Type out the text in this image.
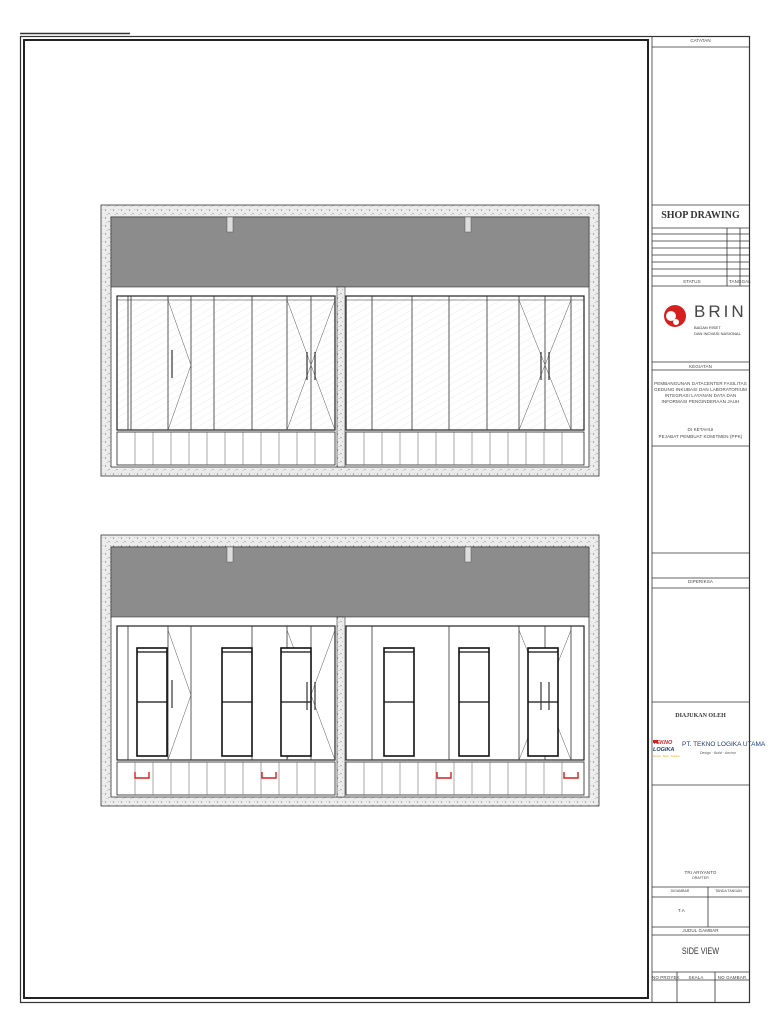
CATATAN
SHOP DRAWING
STATUS	TANGGAL
BRIN
BADAN RISET
DAN INOVASI NASIONAL
KEGIATAN
PEMBANGUNAN DATACENTER FASILITAS
GEDUNG INKUBASI DAN LABORATORIUM
INTEGRASI LAYANAN DATA DAN
INFORMASI PENGINDERAAN JAUH
DI KETAHUI
PEJABAT PEMBUAT KOMITMEN (PPK)
DIPERIKSA
DIAJUKAN OLEH
TEKNO
LOGIKA
Design · Build · Solution
PT. TEKNO LOGIKA UTAMA
Design · Build · Anchor
TRI ARIYANTO
DRAFTER
DIGAMBAR	TANDA TANGAN
T.A
JUDUL GAMBAR
SIDE VIEW
NO PROYEK	SKALA	NO GAMBAR
